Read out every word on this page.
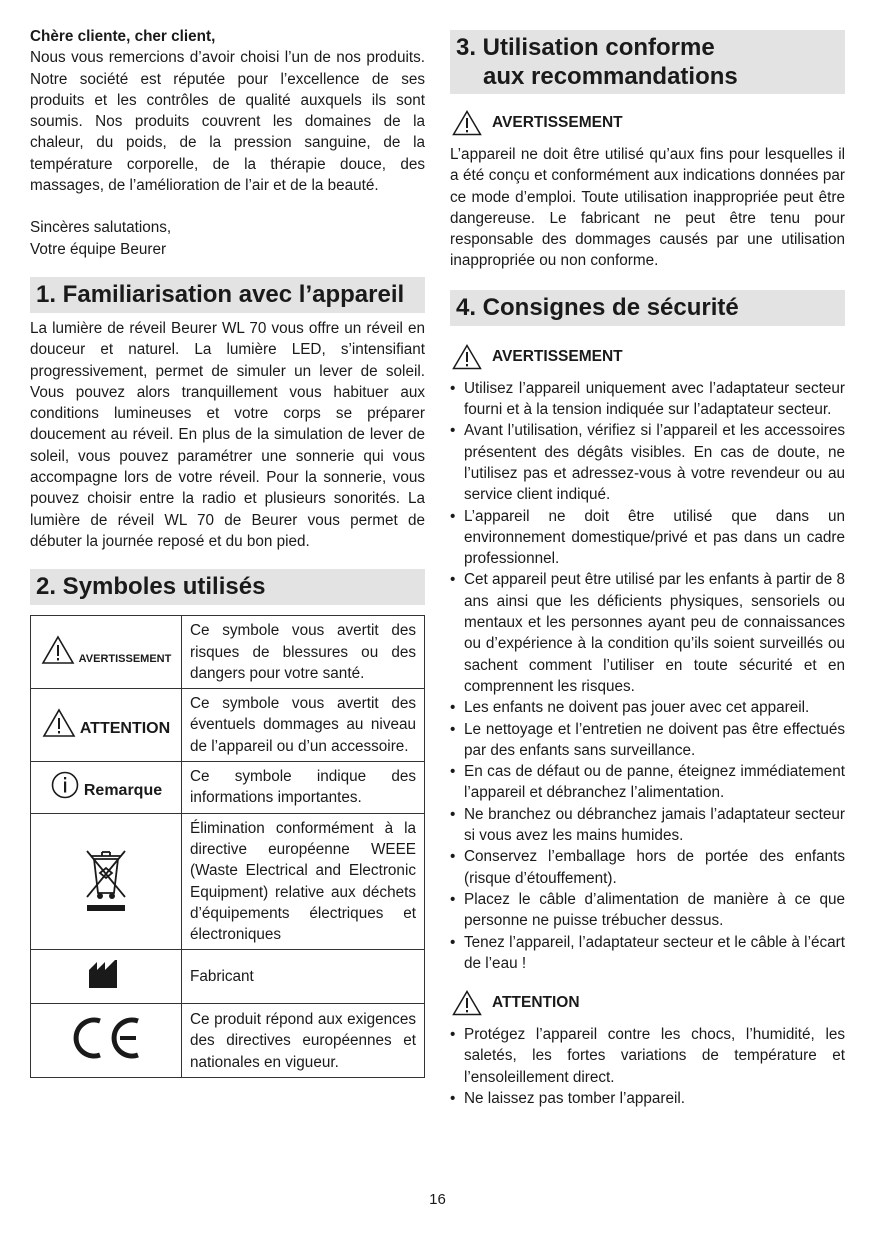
Chère cliente, cher client,

Nous vous remercions d’avoir choisi l’un de nos produits. Notre société est réputée pour l’excellence de ses produits et les contrôles de qualité auxquels ils sont soumis. Nos produits couvrent les domaines de la chaleur, du poids, de la pression sanguine, de la température corporelle, de la thérapie douce, des massages, de l’amélioration de l’air et de la beauté.

Sincères salutations,

Votre équipe Beurer

1. Familiarisation avec l’appareil

La lumière de réveil Beurer WL 70 vous offre un réveil en douceur et naturel. La lumière LED, s’intensifiant progressivement, permet de simuler un lever de soleil. Vous pouvez alors tranquillement vous habituer aux conditions lumineuses et votre corps se préparer doucement au réveil. En plus de la simulation de lever de soleil, vous pouvez paramétrer une sonnerie qui vous accompagne lors de votre réveil. Pour la sonnerie, vous pouvez choisir entre la radio et plusieurs sonorités. La lumière de réveil WL 70 de Beurer vous permet de débuter la journée reposé et du bon pied.

2. Symboles utilisés
AVERTISSEMENT	Ce symbole vous avertit des risques de blessures ou des dangers pour votre santé.

ATTENTION	Ce symbole vous avertit des éventuels dommages au niveau de l’appareil ou d’un accessoire.

Remarque	Ce symbole indique des informations importantes.
	Élimination conformément à la directive européenne WEEE (Waste Electrical and Electronic Equipment) relative aux déchets d’équipements électriques et électroniques
	Fabricant
	Ce produit répond aux exigences des directives européennes et nationales en vigueur.
3. Utilisation conforme
aux recommandations
AVERTISSEMENT

L’appareil ne doit être utilisé qu’aux fins pour lesquelles il a été conçu et conformément aux indications données par ce mode d’emploi. Toute utilisation inappropriée peut être dangereuse. Le fabricant ne peut être tenu pour responsable des dommages causés par une utilisation inappropriée ou non conforme.

4. Consignes de sécurité
AVERTISSEMENT
• Utilisez l’appareil uniquement avec l’adaptateur secteur fourni et à la tension indiquée sur l’adaptateur secteur.
• Avant l’utilisation, vérifiez si l’appareil et les accessoires présentent des dégâts visibles. En cas de doute, ne l’utilisez pas et adressez-vous à votre revendeur ou au service client indiqué.
• L’appareil ne doit être utilisé que dans un environnement domestique/privé et pas dans un cadre professionnel.
• Cet appareil peut être utilisé par les enfants à partir de 8 ans ainsi que les déficients physiques, sensoriels ou mentaux et les personnes ayant peu de connaissances ou d’expérience à la condition qu’ils soient surveillés ou sachent comment l’utiliser en toute sécurité et en comprennent les risques.
• Les enfants ne doivent pas jouer avec cet appareil.
• Le nettoyage et l’entretien ne doivent pas être effectués par des enfants sans surveillance.
• En cas de défaut ou de panne, éteignez immédiatement l’appareil et débranchez l’alimentation.
• Ne branchez ou débranchez jamais l’adaptateur secteur si vous avez les mains humides.
• Conservez l’emballage hors de portée des enfants (risque d’étouffement).
• Placez le câble d’alimentation de manière à ce que personne ne puisse trébucher dessus.
• Tenez l’appareil, l’adaptateur secteur et le câble à l’écart de l’eau !
ATTENTION
• Protégez l’appareil contre les chocs, l’humidité, les saletés, les fortes variations de température et l’ensoleillement direct.
• Ne laissez pas tomber l’appareil.
16
